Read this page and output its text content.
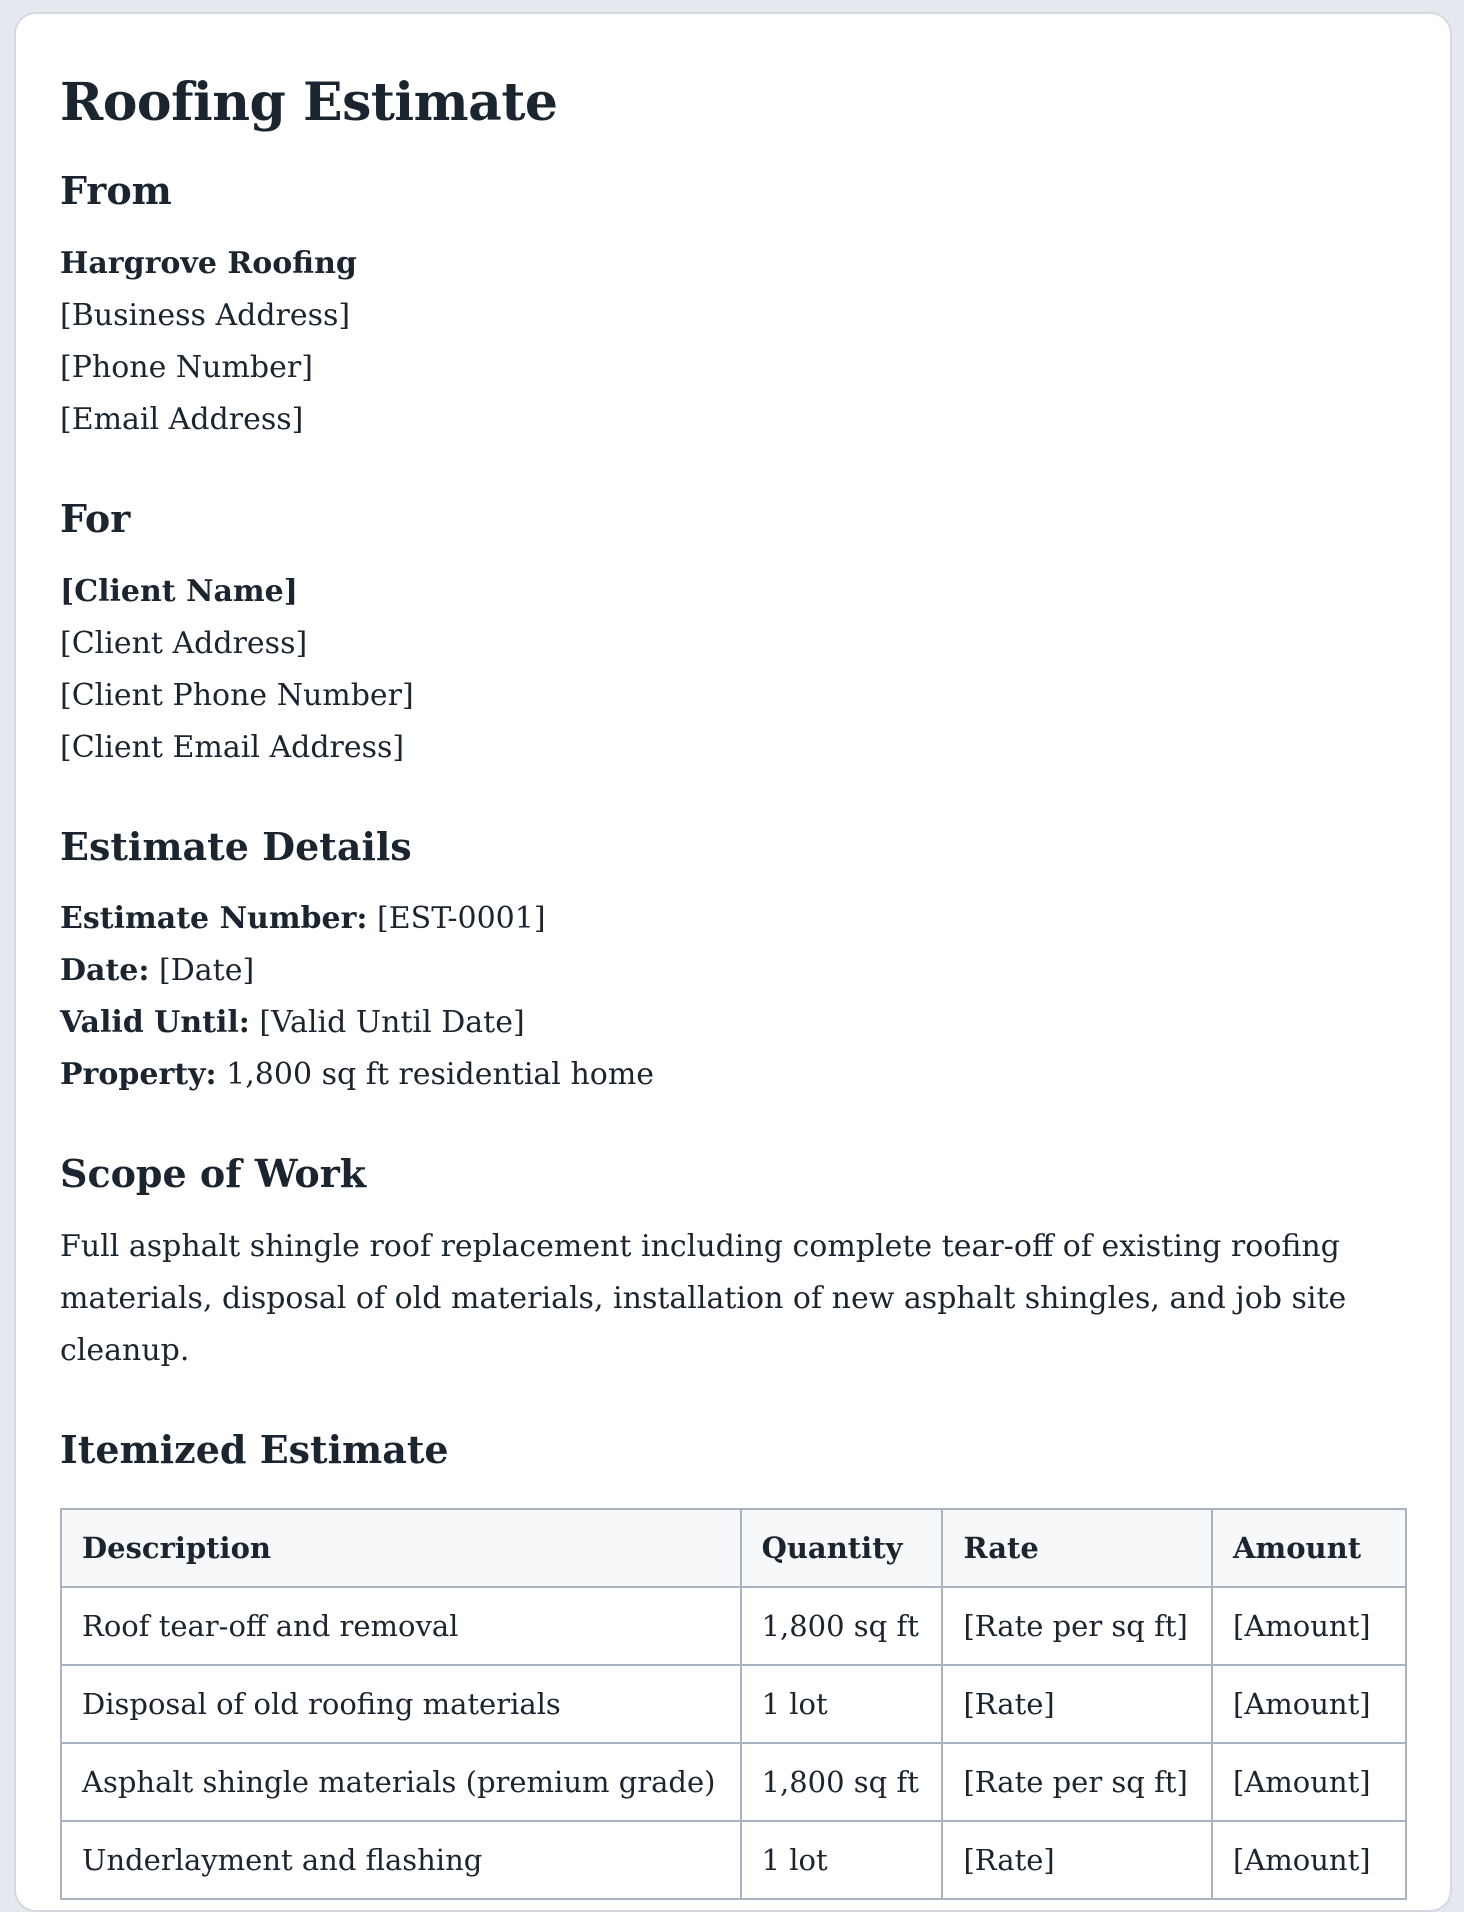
Roofing Estimate
From
Hargrove Roofing
[Business Address]
[Phone Number]
[Email Address]
For
[Client Name]
[Client Address]
[Client Phone Number]
[Client Email Address]
Estimate Details
Estimate Number: [EST-0001]
Date: [Date]
Valid Until: [Valid Until Date]
Property: 1,800 sq ft residential home
Scope of Work

Full asphalt shingle roof replacement including complete tear-off of existing roofing materials, disposal of old materials, installation of new asphalt shingles, and job site cleanup.

Itemized Estimate
Description	Quantity	Rate	Amount
Roof tear-off and removal	1,800 sq ft	[Rate per sq ft]	[Amount]
Disposal of old roofing materials	1 lot	[Rate]	[Amount]
Asphalt shingle materials (premium grade)	1,800 sq ft	[Rate per sq ft]	[Amount]
Underlayment and flashing	1 lot	[Rate]	[Amount]
